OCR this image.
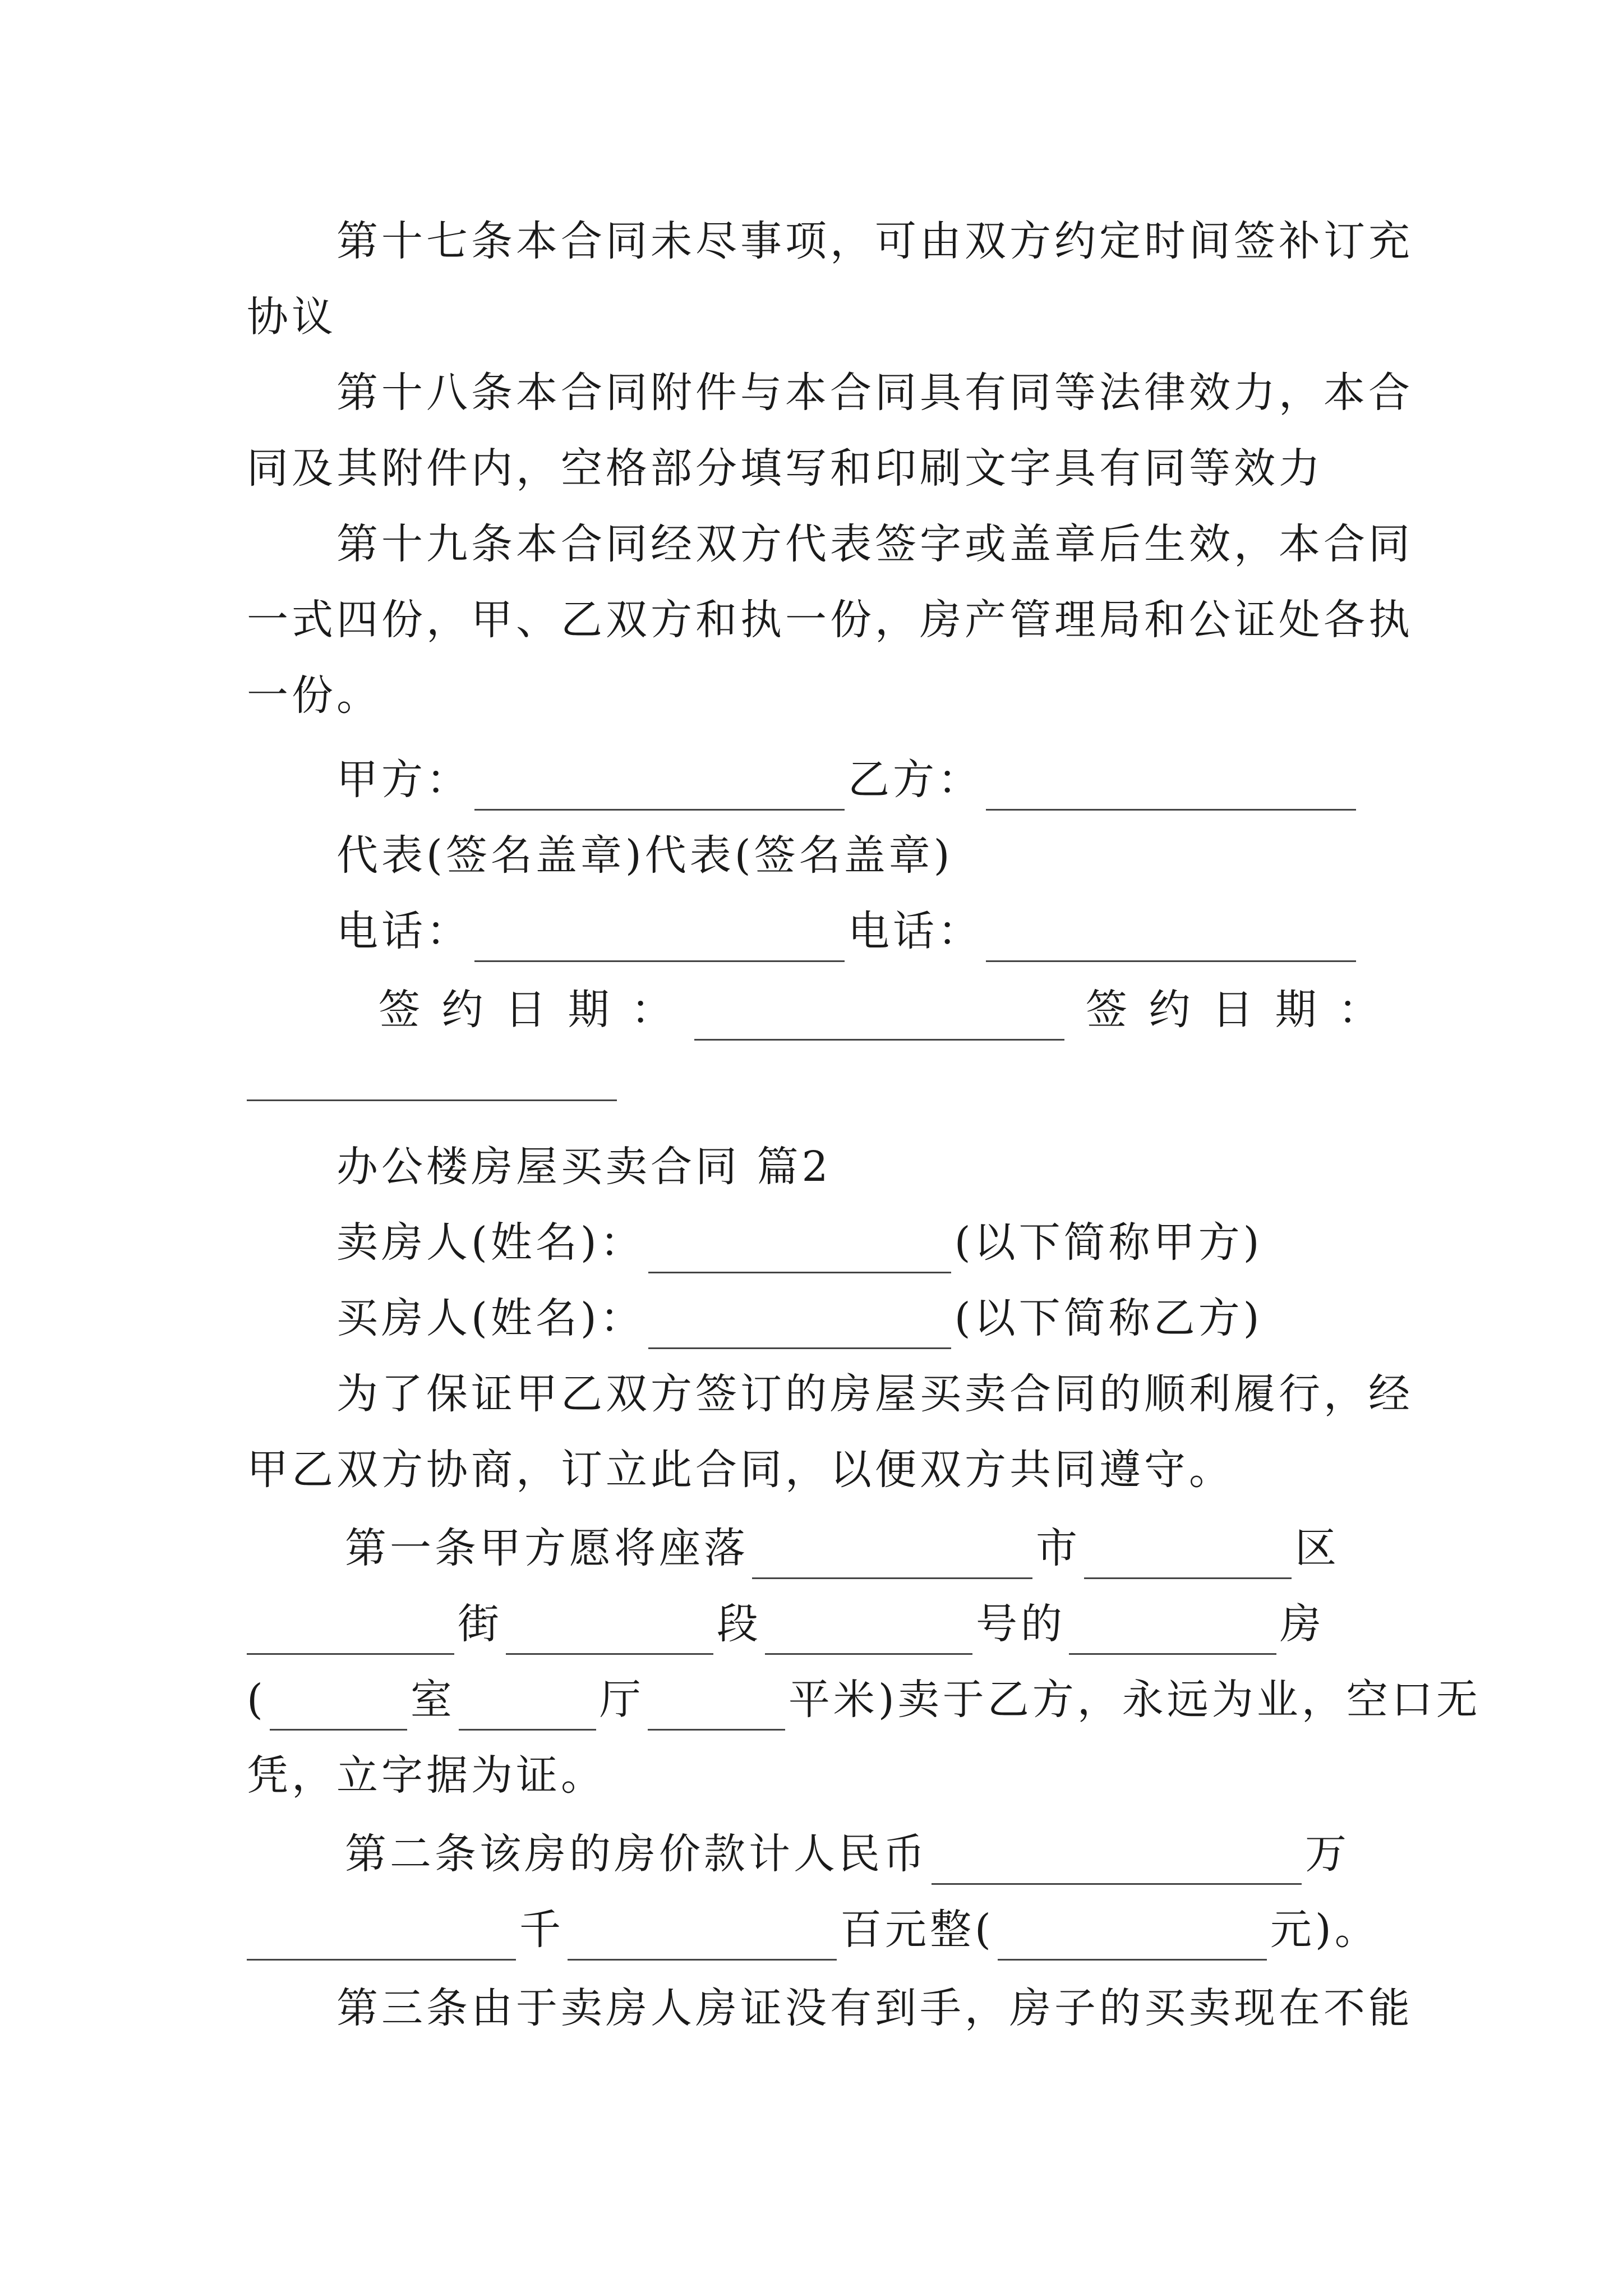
第十七条本合同未尽事项，可由双方约定时间签补订充
协议
第十八条本合同附件与本合同具有同等法律效力，本合
同及其附件内，空格部分填写和印刷文字具有同等效力
第十九条本合同经双方代表签字或盖章后生效，本合同
一式四份，甲、乙双方和执一份，房产管理局和公证处各执
一份。
甲方：	乙方：
代表(签名盖章)代表(签名盖章)
电话：	电话：
签 约 日 期 ：	签 约 日 期 ：
办公楼房屋买卖合同 篇2
卖房人(姓名)：	(以下简称甲方)
买房人(姓名)：	(以下简称乙方)
为了保证甲乙双方签订的房屋买卖合同的顺利履行，经
甲乙双方协商，订立此合同，以便双方共同遵守。
第一条甲方愿将座落	市	区
街	段	号的	房
(	室	厅	平米)卖于乙方，永远为业，空口无
凭，立字据为证。
第二条该房的房价款计人民币	万
千	百元整(	元)。
第三条由于卖房人房证没有到手，房子的买卖现在不能
